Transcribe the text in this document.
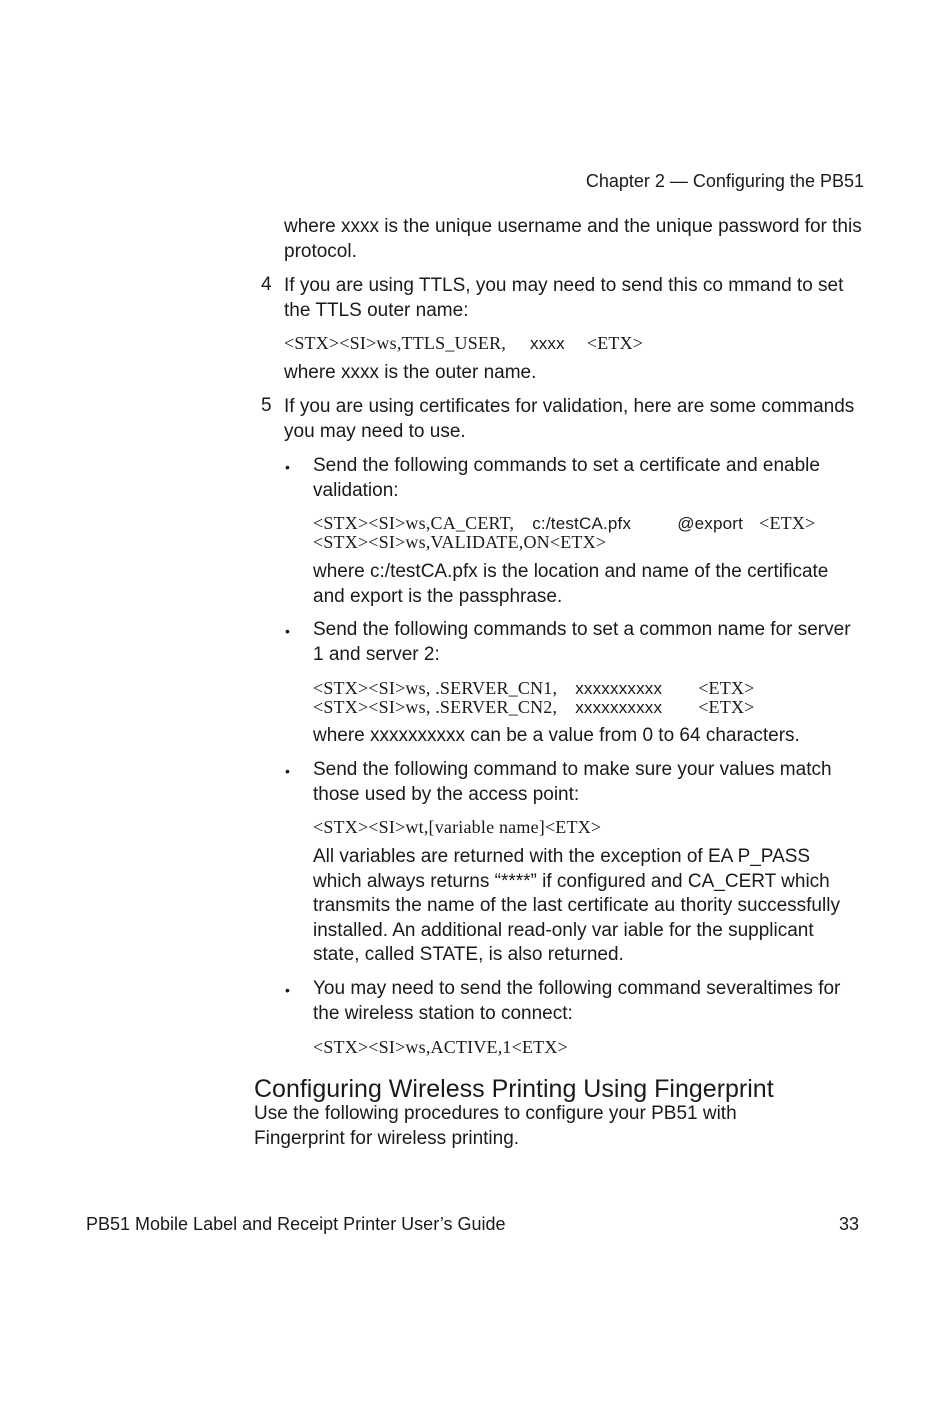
Chapter 2 — Configuring the PB51
where xxxx is the unique username and the unique password for this protocol.
4 If you are using TTLS, you may need to send this co mmand to set the TTLS outer name:
<STX><SI>ws,TTLS_USER, xxxx <ETX>
where xxxx is the outer name.
5 If you are using certificates for validation, here are some commands you may need to use.
• Send the following commands to set a certificate and enable validation:
<STX><SI>ws,CA_CERT, c:/testCA.pfx	@export <ETX>
<STX><SI>ws,VALIDATE,ON<ETX>
where c:/testCA.pfx is the location and name of the certificate and export is the passphrase.
• Send the following commands to set a common name for server 1 and server 2:
<STX><SI>ws, .SERVER_CN1, xxxxxxxxxx <ETX>
<STX><SI>ws, .SERVER_CN2, xxxxxxxxxx <ETX>
where xxxxxxxxxx can be a value from 0 to 64 characters.
• Send the following command to make sure your values match those used by the access point:
<STX><SI>wt,[variable name]<ETX>
All variables are returned with the exception of EA P_PASS which always returns “****” if configured and CA_CERT which transmits the name of the last certificate au thority successfully installed. An additional read-only var iable for the supplicant state, called STATE, is also returned.
• You may need to send the following command severaltimes for the wireless station to connect:
<STX><SI>ws,ACTIVE,1<ETX>
Configuring Wireless Printing Using Fingerprint
Use the following procedures to configure your PB51 with Fingerprint for wireless printing.
PB51 Mobile Label and Receipt Printer User’s Guide	33
